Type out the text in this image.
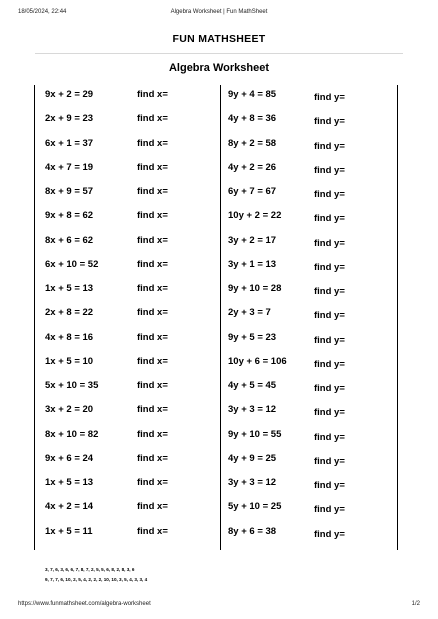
18/05/2024, 22:44	Algebra Worksheet | Fun MathSheet
FUN MATHSHEET
Algebra Worksheet
9x + 2 = 29	find x=
2x + 9 = 23	find x=
6x + 1 = 37	find x=
4x + 7 = 19	find x=
8x + 9 = 57	find x=
9x + 8 = 62	find x=
8x + 6 = 62	find x=
6x + 10 = 52	find x=
1x + 5 = 13	find x=
2x + 8 = 22	find x=
4x + 8 = 16	find x=
1x + 5 = 10	find x=
5x + 10 = 35	find x=
3x + 2 = 20	find x=
8x + 10 = 82	find x=
9x + 6 = 24	find x=
1x + 5 = 13	find x=
4x + 2 = 14	find x=
1x + 5 = 11	find x=
9y + 4 = 85	find y=
4y + 8 = 36	find y=
8y + 2 = 58	find y=
4y + 2 = 26	find y=
6y + 7 = 67	find y=
10y + 2 = 22	find y=
3y + 2 = 17	find y=
3y + 1 = 13	find y=
9y + 10 = 28	find y=
2y + 3 = 7	find y=
9y + 5 = 23	find y=
10y + 6 = 106	find y=
4y + 5 = 45	find y=
3y + 3 = 12	find y=
9y + 10 = 55	find y=
4y + 9 = 25	find y=
3y + 3 = 12	find y=
5y + 10 = 25	find y=
8y + 6 = 38	find y=
3, 7, 6, 3, 6, 6, 7, 8, 7, 2, 5, 5, 6, 8, 2, 8, 3, 6
9, 7, 7, 6, 10, 2, 5, 4, 2, 2, 2, 10, 10, 3, 5, 4, 3, 3, 4
https://www.funmathsheet.com/algebra-worksheet	1/2
